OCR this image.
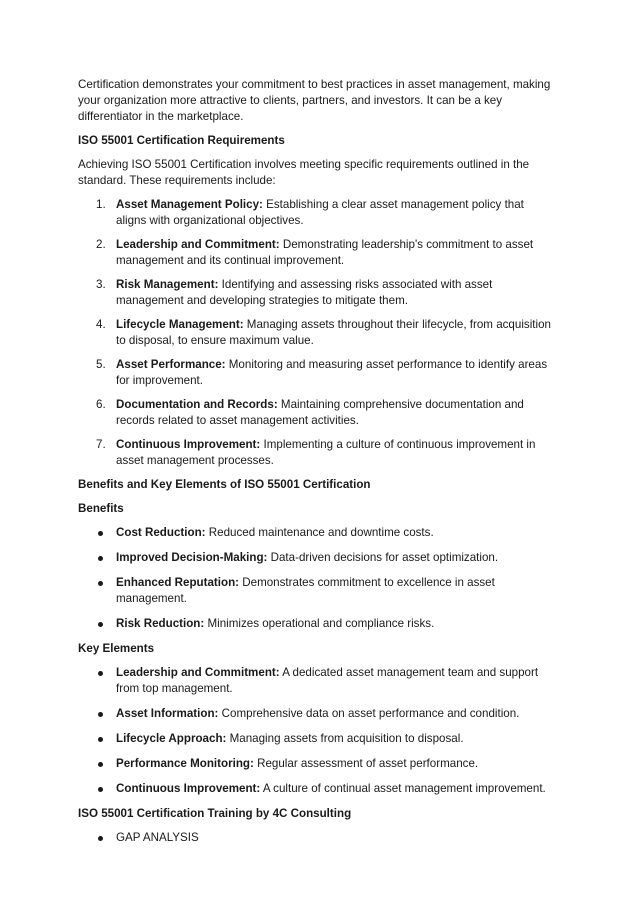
Certification demonstrates your commitment to best practices in asset management, making your organization more attractive to clients, partners, and investors. It can be a key differentiator in the marketplace.

ISO 55001 Certification Requirements

Achieving ISO 55001 Certification involves meeting specific requirements outlined in the standard. These requirements include:

1. Asset Management Policy: Establishing a clear asset management policy that aligns with organizational objectives.
2. Leadership and Commitment: Demonstrating leadership's commitment to asset management and its continual improvement.
3. Risk Management: Identifying and assessing risks associated with asset management and developing strategies to mitigate them.
4. Lifecycle Management: Managing assets throughout their lifecycle, from acquisition to disposal, to ensure maximum value.
5. Asset Performance: Monitoring and measuring asset performance to identify areas for improvement.
6. Documentation and Records: Maintaining comprehensive documentation and records related to asset management activities.
7. Continuous Improvement: Implementing a culture of continuous improvement in asset management processes.
Benefits and Key Elements of ISO 55001 Certification
Benefits
Cost Reduction: Reduced maintenance and downtime costs.
Improved Decision-Making: Data-driven decisions for asset optimization.
Enhanced Reputation: Demonstrates commitment to excellence in asset management.
Risk Reduction: Minimizes operational and compliance risks.
Key Elements
Leadership and Commitment: A dedicated asset management team and support from top management.
Asset Information: Comprehensive data on asset performance and condition.
Lifecycle Approach: Managing assets from acquisition to disposal.
Performance Monitoring: Regular assessment of asset performance.
Continuous Improvement: A culture of continual asset management improvement.
ISO 55001 Certification Training by 4C Consulting
GAP ANALYSIS
